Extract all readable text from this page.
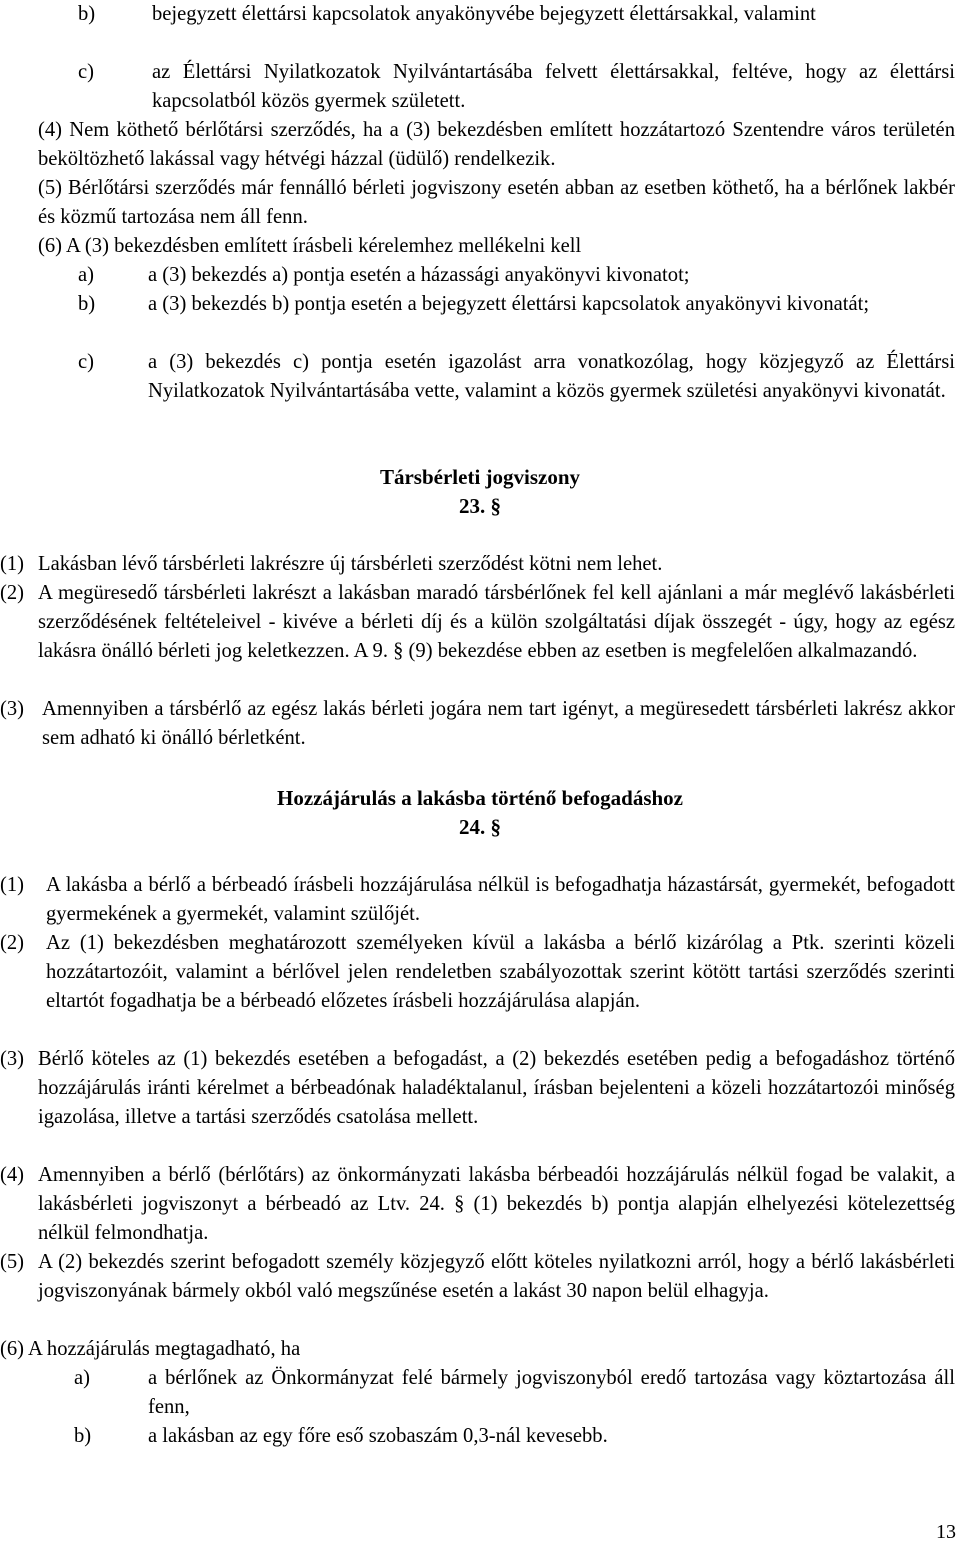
b)	bejegyzett élettársi kapcsolatok anyakönyvébe bejegyzett élettársakkal, valamint
c)	az Élettársi Nyilatkozatok Nyilvántartásába felvett élettársakkal, feltéve, hogy az élettársi kapcsolatból közös gyermek született.
(4) Nem köthető bérlőtársi szerződés, ha a (3) bekezdésben említett hozzátartozó Szentendre város területén beköltözhető lakással vagy hétvégi házzal (üdülő) rendelkezik.
(5) Bérlőtársi szerződés már fennálló bérleti jogviszony esetén abban az esetben köthető, ha a bérlőnek lakbér és közmű tartozása nem áll fenn.
(6) A (3) bekezdésben említett írásbeli kérelemhez mellékelni kell
a)	a (3) bekezdés a) pontja esetén a házassági anyakönyvi kivonatot;
b)	a (3) bekezdés b) pontja esetén a bejegyzett élettársi kapcsolatok anyakönyvi kivonatát;
c)	a (3) bekezdés c) pontja esetén igazolást arra vonatkozólag, hogy közjegyző az Élettársi Nyilatkozatok Nyilvántartásába vette, valamint a közös gyermek születési anyakönyvi kivonatát.
Társbérleti jogviszony
23. §
(1) Lakásban lévő társbérleti lakrészre új társbérleti szerződést kötni nem lehet.
(2) A megüresedő társbérleti lakrészt a lakásban maradó társbérlőnek fel kell ajánlani a már meglévő lakásbérleti szerződésének feltételeivel - kivéve a bérleti díj és a külön szolgáltatási díjak összegét - úgy, hogy az egész lakásra önálló bérleti jog keletkezzen. A 9. § (9) bekezdése ebben az esetben is megfelelően alkalmazandó.
(3) Amennyiben a társbérlő az egész lakás bérleti jogára nem tart igényt, a megüresedett társbérleti lakrész akkor sem adható ki önálló bérletként.
Hozzájárulás a lakásba történő befogadáshoz
24. §
(1) A lakásba a bérlő a bérbeadó írásbeli hozzájárulása nélkül is befogadhatja házastársát, gyermekét, befogadott gyermekének a gyermekét, valamint szülőjét.
(2) Az (1) bekezdésben meghatározott személyeken kívül a lakásba a bérlő kizárólag a Ptk. szerinti közeli hozzátartozóit, valamint a bérlővel jelen rendeletben szabályozottak szerint kötött tartási szerződés szerinti eltartót fogadhatja be a bérbeadó előzetes írásbeli hozzájárulása alapján.
(3) Bérlő köteles az (1) bekezdés esetében a befogadást, a (2) bekezdés esetében pedig a befogadáshoz történő hozzájárulás iránti kérelmet a bérbeadónak haladéktalanul, írásban bejelenteni a közeli hozzátartozói minőség igazolása, illetve a tartási szerződés csatolása mellett.
(4) Amennyiben a bérlő (bérlőtárs) az önkormányzati lakásba bérbeadói hozzájárulás nélkül fogad be valakit, a lakásbérleti jogviszonyt a bérbeadó az Ltv. 24. § (1) bekezdés b) pontja alapján elhelyezési kötelezettség nélkül felmondhatja.
(5) A (2) bekezdés szerint befogadott személy közjegyző előtt köteles nyilatkozni arról, hogy a bérlő lakásbérleti jogviszonyának bármely okból való megszűnése esetén a lakást 30 napon belül elhagyja.
(6) A hozzájárulás megtagadható, ha
a)	a bérlőnek az Önkormányzat felé bármely jogviszonyból eredő tartozása vagy köztartozása áll fenn,
b)	a lakásban az egy főre eső szobaszám 0,3-nál kevesebb.
13
